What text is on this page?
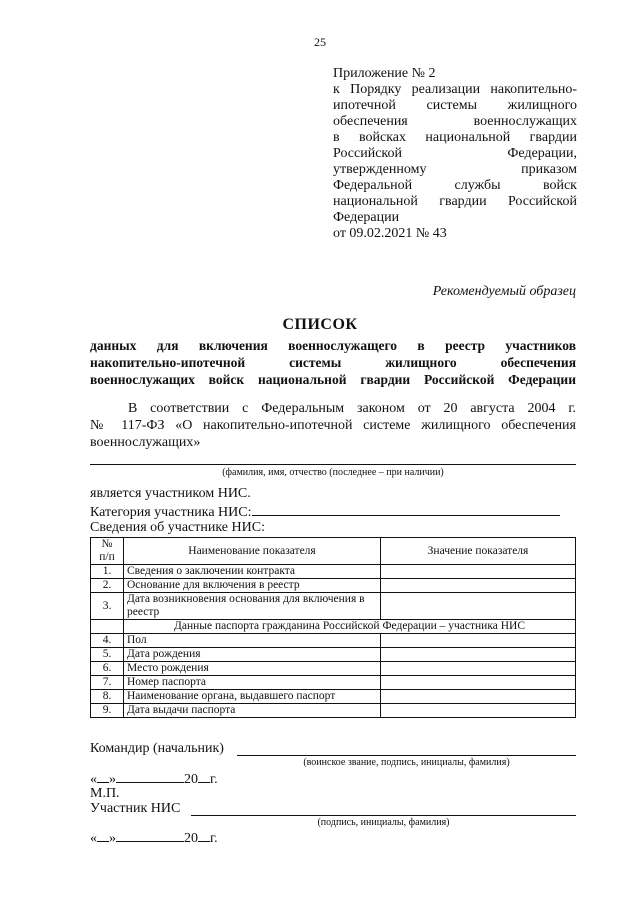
25
Приложение № 2
к Порядку реализации накопительно-
ипотечной системы жилищного
обеспечения военнослужащих
в войсках национальной гвардии
Российской Федерации,
утвержденному приказом
Федеральной службы войск
национальной гвардии Российской
Федерации
от 09.02.2021 № 43
Рекомендуемый образец
СПИСОК
данных для включения военнослужащего в реестр участников
накопительно-ипотечной системы жилищного обеспечения
военнослужащих войск национальной гвардии Российской Федерации
В соответствии с Федеральным законом от 20 августа 2004 г.
№ 117-ФЗ «О накопительно-ипотечной системе жилищного обеспечения
военнослужащих»
(фамилия, имя, отчество (последнее – при наличии)
является участником НИС.
Категория участника НИС:
Сведения об участнике НИС:
№
п/п	Наименование показателя	Значение показателя
1.	Сведения о заключении контракта	
2.	Основание для включения в реестр	
3.	Дата возникновения основания для включения в реестр	
	Данные паспорта гражданина Российской Федерации – участника НИС	
4.	Пол	
5.	Дата рождения	
6.	Место рождения	
7.	Номер паспорта	
8.	Наименование органа, выдавшего паспорт	
9.	Дата выдачи паспорта	
Командир (начальник)
(воинское звание, подпись, инициалы, фамилия)
« »	20 г.
М.П.
Участник НИС
(подпись, инициалы, фамилия)
« »	20 г.
